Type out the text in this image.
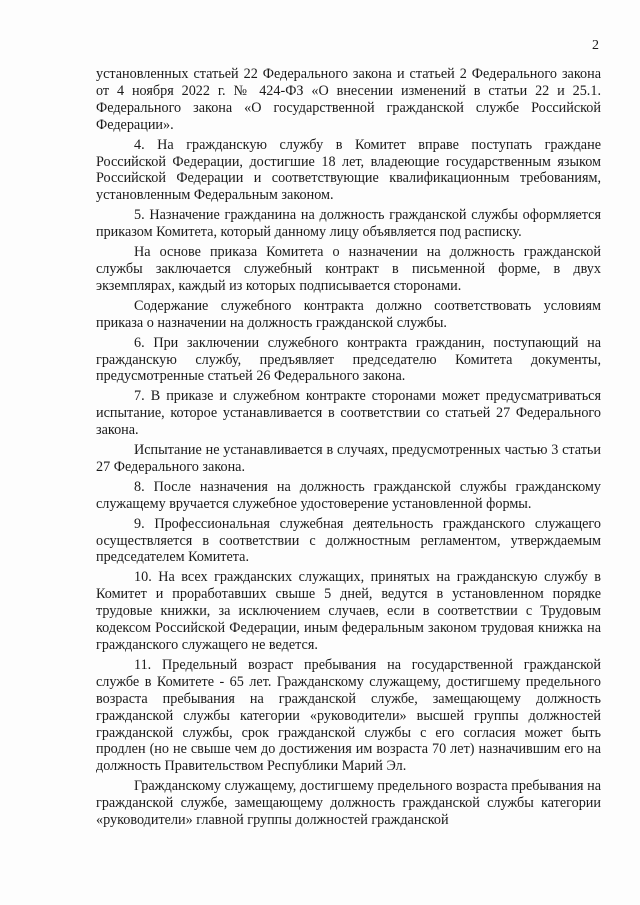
2

установленных статьей 22 Федерального закона и статьей 2 Федерального закона от 4 ноября 2022 г. № 424-ФЗ «О внесении изменений в статьи 22 и 25.1. Федерального закона «О государственной гражданской службе Российской Федерации».

4. На гражданскую службу в Комитет вправе поступать граждане Российской Федерации, достигшие 18 лет, владеющие государственным языком Российской Федерации и соответствующие квалификационным требованиям, установленным Федеральным законом.

5. Назначение гражданина на должность гражданской службы оформляется приказом Комитета, который данному лицу объявляется под расписку.

На основе приказа Комитета о назначении на должность гражданской службы заключается служебный контракт в письменной форме, в двух экземплярах, каждый из которых подписывается сторонами.

Содержание служебного контракта должно соответствовать условиям приказа о назначении на должность гражданской службы.

6. При заключении служебного контракта гражданин, поступающий на гражданскую службу, предъявляет председателю Комитета документы, предусмотренные статьей 26 Федерального закона.

7. В приказе и служебном контракте сторонами может предусматриваться испытание, которое устанавливается в соответствии со статьей 27 Федерального закона.

Испытание не устанавливается в случаях, предусмотренных частью 3 статьи 27 Федерального закона.

8. После назначения на должность гражданской службы гражданскому служащему вручается служебное удостоверение установленной формы.

9. Профессиональная служебная деятельность гражданского служащего осуществляется в соответствии с должностным регламентом, утверждаемым председателем Комитета.

10. На всех гражданских служащих, принятых на гражданскую службу в Комитет и проработавших свыше 5 дней, ведутся в установленном порядке трудовые книжки, за исключением случаев, если в соответствии с Трудовым кодексом Российской Федерации, иным федеральным законом трудовая книжка на гражданского служащего не ведется.

11. Предельный возраст пребывания на государственной гражданской службе в Комитете - 65 лет. Гражданскому служащему, достигшему предельного возраста пребывания на гражданской службе, замещающему должность гражданской службы категории «руководители» высшей группы должностей гражданской службы, срок гражданской службы с его согласия может быть продлен (но не свыше чем до достижения им возраста 70 лет) назначившим его на должность Правительством Республики Марий Эл.

Гражданскому служащему, достигшему предельного возраста пребывания на гражданской службе, замещающему должность гражданской службы категории «руководители» главной группы должностей гражданской
